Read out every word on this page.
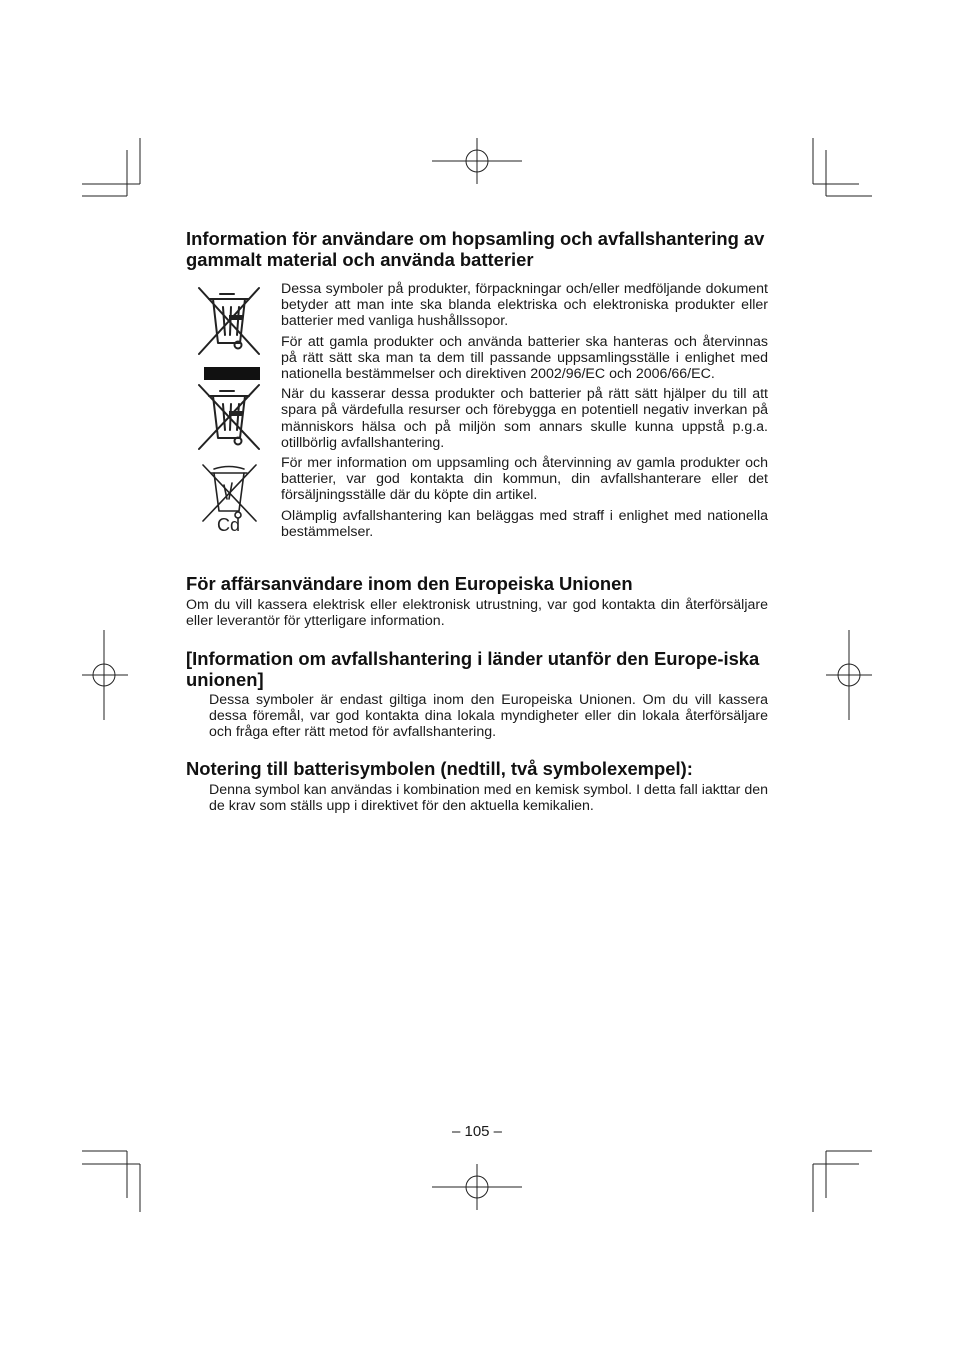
Information för användare om hopsamling och avfallshantering av gammalt material och använda batterier
Cd

Dessa symboler på produkter, förpackningar och/eller medföljande dokument betyder att man inte ska blanda elektriska och elektroniska produkter eller batterier med vanliga hushållssopor.

För att gamla produkter och använda batterier ska hanteras och återvinnas på rätt sätt ska man ta dem till passande uppsamlingsställe i enlighet med nationella bestämmelser och direktiven 2002/96/EC och 2006/66/EC.

När du kasserar dessa produkter och batterier på rätt sätt hjälper du till att spara på värdefulla resurser och förebygga en potentiell negativ inverkan på människors hälsa och på miljön som annars skulle kunna uppstå p.g.a. otillbörlig avfallshantering.

För mer information om uppsamling och återvinning av gamla produkter och batterier, var god kontakta din kommun, din avfallshanterare eller det försäljningsställe där du köpte din artikel.

Olämplig avfallshantering kan beläggas med straff i enlighet med nationella bestämmelser.

För affärsanvändare inom den Europeiska Unionen

Om du vill kassera elektrisk eller elektronisk utrustning, var god kontakta din återförsäljare eller leverantör för ytterligare information.

[Information om avfallshantering i länder utanför den Europe-iska unionen]

Dessa symboler är endast giltiga inom den Europeiska Unionen. Om du vill kassera dessa föremål, var god kontakta dina lokala myndigheter eller din lokala återförsäljare och fråga efter rätt metod för avfallshantering.

Notering till batterisymbolen (nedtill, två symbolexempel):

Denna symbol kan användas i kombination med en kemisk symbol. I detta fall iakttar den de krav som ställs upp i direktivet för den aktuella kemikalien.

– 105 –
